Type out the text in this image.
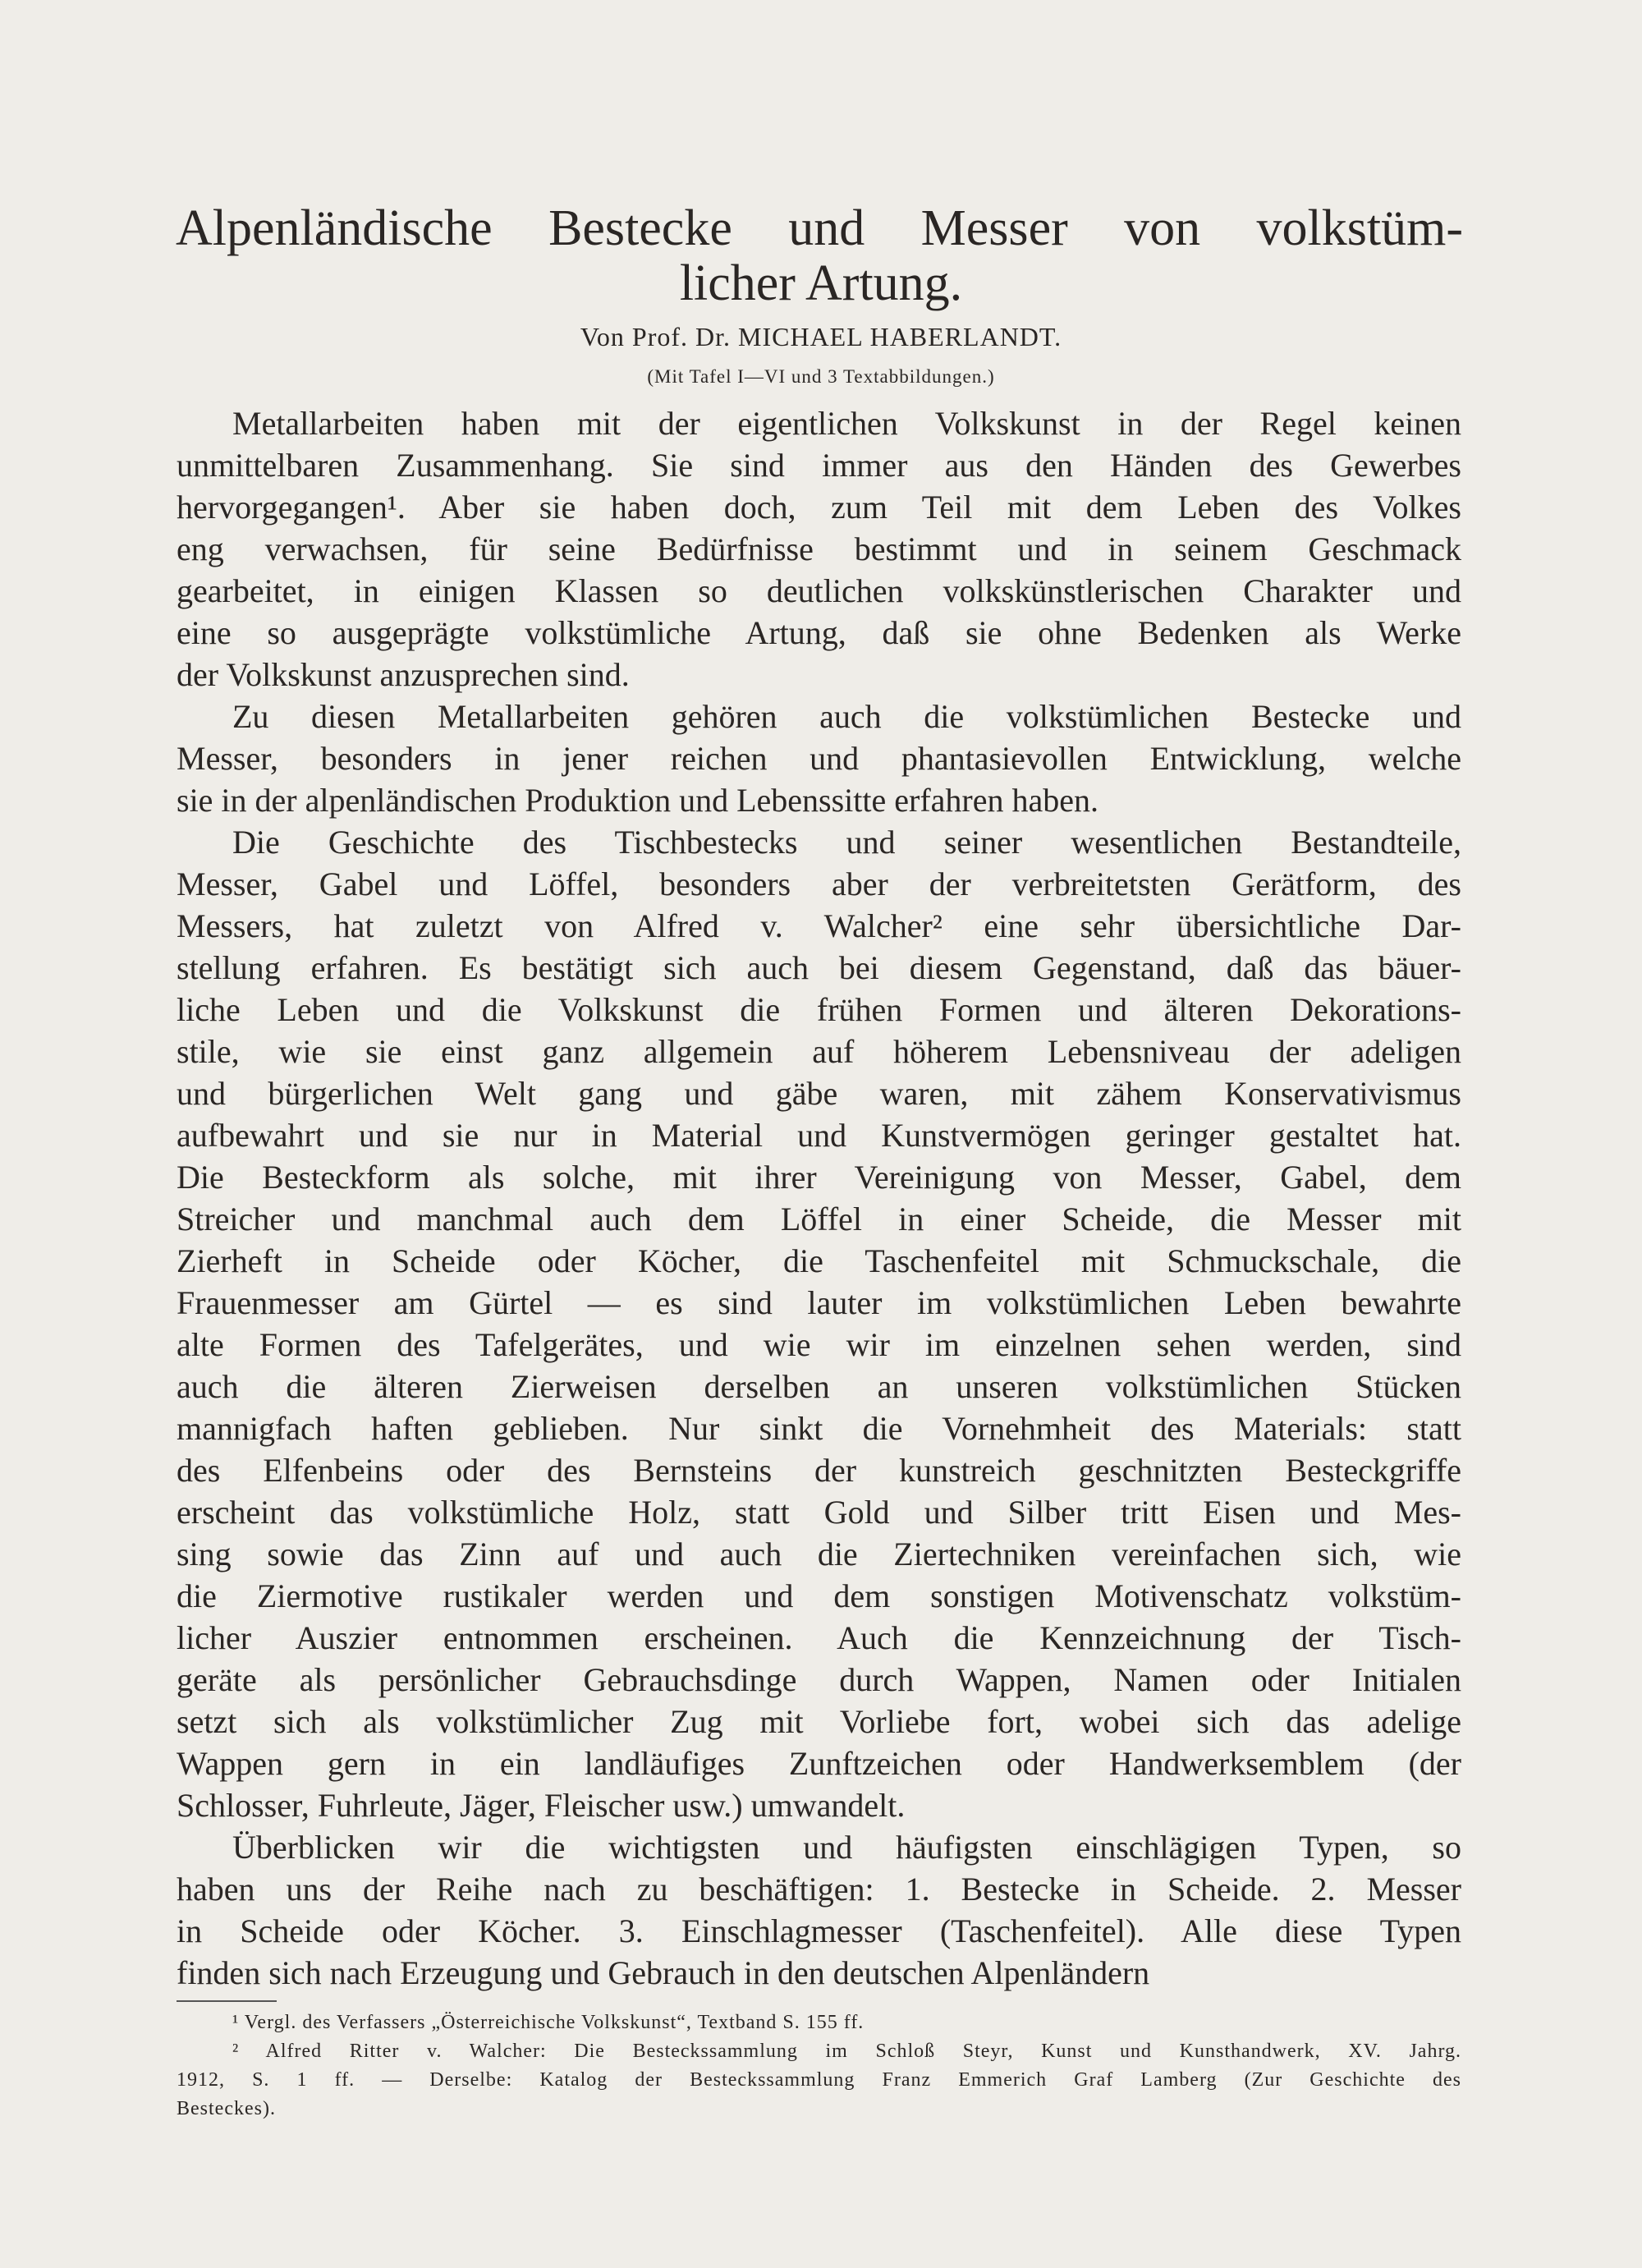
Alpenländische Bestecke und Messer von volkstüm-
licher Artung.
Von Prof. Dr. MICHAEL HABERLANDT.
(Mit Tafel I—VI und 3 Textabbildungen.)
Metallarbeiten haben mit der eigentlichen Volkskunst in der Regel keinen
unmittelbaren Zusammenhang. Sie sind immer aus den Händen des Gewerbes
hervorgegangen¹. Aber sie haben doch, zum Teil mit dem Leben des Volkes
eng verwachsen, für seine Bedürfnisse bestimmt und in seinem Geschmack
gearbeitet, in einigen Klassen so deutlichen volkskünstlerischen Charakter und
eine so ausgeprägte volkstümliche Artung, daß sie ohne Bedenken als Werke
der Volkskunst anzusprechen sind.
Zu diesen Metallarbeiten gehören auch die volkstümlichen Bestecke und
Messer, besonders in jener reichen und phantasievollen Entwicklung, welche
sie in der alpenländischen Produktion und Lebenssitte erfahren haben.
Die Geschichte des Tischbestecks und seiner wesentlichen Bestandteile,
Messer, Gabel und Löffel, besonders aber der verbreitetsten Gerätform, des
Messers, hat zuletzt von Alfred v. Walcher² eine sehr übersichtliche Dar-
stellung erfahren. Es bestätigt sich auch bei diesem Gegenstand, daß das bäuer-
liche Leben und die Volkskunst die frühen Formen und älteren Dekorations-
stile, wie sie einst ganz allgemein auf höherem Lebensniveau der adeligen
und bürgerlichen Welt gang und gäbe waren, mit zähem Konservativismus
aufbewahrt und sie nur in Material und Kunstvermögen geringer gestaltet hat.
Die Besteckform als solche, mit ihrer Vereinigung von Messer, Gabel, dem
Streicher und manchmal auch dem Löffel in einer Scheide, die Messer mit
Zierheft in Scheide oder Köcher, die Taschenfeitel mit Schmuckschale, die
Frauenmesser am Gürtel — es sind lauter im volkstümlichen Leben bewahrte
alte Formen des Tafelgerätes, und wie wir im einzelnen sehen werden, sind
auch die älteren Zierweisen derselben an unseren volkstümlichen Stücken
mannigfach haften geblieben. Nur sinkt die Vornehmheit des Materials: statt
des Elfenbeins oder des Bernsteins der kunstreich geschnitzten Besteckgriffe
erscheint das volkstümliche Holz, statt Gold und Silber tritt Eisen und Mes-
sing sowie das Zinn auf und auch die Ziertechniken vereinfachen sich, wie
die Ziermotive rustikaler werden und dem sonstigen Motivenschatz volkstüm-
licher Auszier entnommen erscheinen. Auch die Kennzeichnung der Tisch-
geräte als persönlicher Gebrauchsdinge durch Wappen, Namen oder Initialen
setzt sich als volkstümlicher Zug mit Vorliebe fort, wobei sich das adelige
Wappen gern in ein landläufiges Zunftzeichen oder Handwerksemblem (der
Schlosser, Fuhrleute, Jäger, Fleischer usw.) umwandelt.
Überblicken wir die wichtigsten und häufigsten einschlägigen Typen, so
haben uns der Reihe nach zu beschäftigen: 1. Bestecke in Scheide. 2. Messer
in Scheide oder Köcher. 3. Einschlagmesser (Taschenfeitel). Alle diese Typen
finden sich nach Erzeugung und Gebrauch in den deutschen Alpenländern
¹ Vergl. des Verfassers „Österreichische Volkskunst“, Textband S. 155 ff.
² Alfred Ritter v. Walcher: Die Besteckssammlung im Schloß Steyr, Kunst und Kunsthandwerk, XV. Jahrg.
1912, S. 1 ff. — Derselbe: Katalog der Besteckssammlung Franz Emmerich Graf Lamberg (Zur Geschichte des
Besteckes).
